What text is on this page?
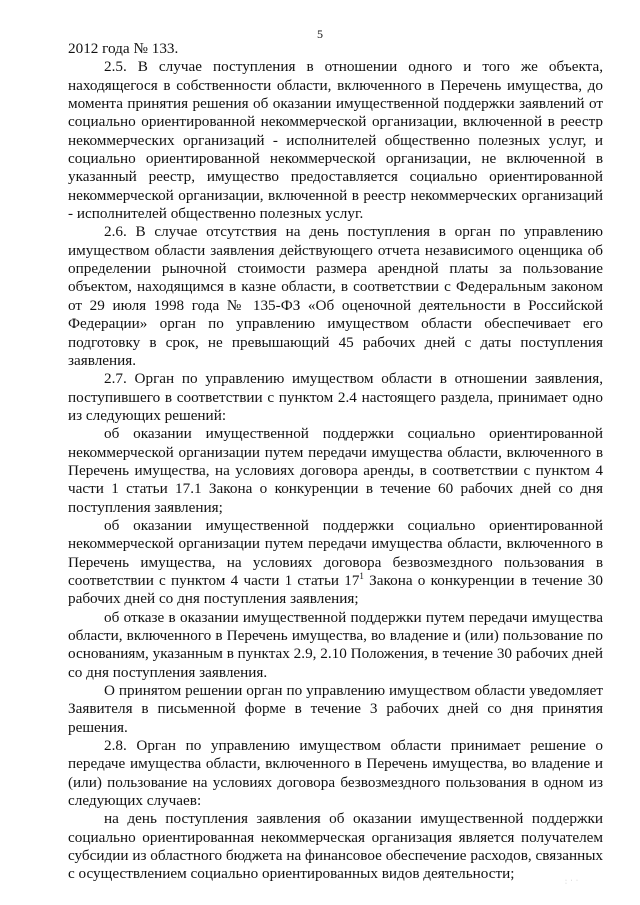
5

2012 года № 133.

2.5. В случае поступления в отношении одного и того же объекта, находящегося в собственности области, включенного в Перечень имущества, до момента принятия решения об оказании имущественной поддержки заявлений от социально ориентированной некоммерческой организации, включенной в реестр некоммерческих организаций - исполнителей общественно полезных услуг, и социально ориентированной некоммерческой организации, не включенной в указанный реестр, имущество предоставляется социально ориентированной некоммерческой организации, включенной в реестр некоммерческих организаций - исполнителей общественно полезных услуг.

2.6. В случае отсутствия на день поступления в орган по управлению имуществом области заявления действующего отчета независимого оценщика об определении рыночной стоимости размера арендной платы за пользование объектом, находящимся в казне области, в соответствии с Федеральным законом от 29 июля 1998 года № 135-ФЗ «Об оценочной деятельности в Российской Федерации» орган по управлению имуществом области обеспечивает его подготовку в срок, не превышающий 45 рабочих дней с даты поступления заявления.

2.7. Орган по управлению имуществом области в отношении заявления, поступившего в соответствии с пунктом 2.4 настоящего раздела, принимает одно из следующих решений:

об оказании имущественной поддержки социально ориентированной некоммерческой организации путем передачи имущества области, включенного в Перечень имущества, на условиях договора аренды, в соответствии с пунктом 4 части 1 статьи 17.1 Закона о конкуренции в течение 60 рабочих дней со дня поступления заявления;

об оказании имущественной поддержки социально ориентированной некоммерческой организации путем передачи имущества области, включенного в Перечень имущества, на условиях договора безвозмездного пользования в соответствии с пунктом 4 части 1 статьи $17^1$ Закона о конкуренции в течение 30 рабочих дней со дня поступления заявления;

об отказе в оказании имущественной поддержки путем передачи имущества области, включенного в Перечень имущества, во владение и (или) пользование по основаниям, указанным в пунктах 2.9, 2.10 Положения, в течение 30 рабочих дней со дня поступления заявления.

О принятом решении орган по управлению имуществом области уведомляет Заявителя в письменной форме в течение 3 рабочих дней со дня принятия решения.

2.8. Орган по управлению имуществом области принимает решение о передаче имущества области, включенного в Перечень имущества, во владение и (или) пользование на условиях договора безвозмездного пользования в одном из следующих случаев:

на день поступления заявления об оказании имущественной поддержки социально ориентированная некоммерческая организация является получателем субсидии из областного бюджета на финансовое обеспечение расходов, связанных с осуществлением социально ориентированных видов деятельности;	· · · ·
